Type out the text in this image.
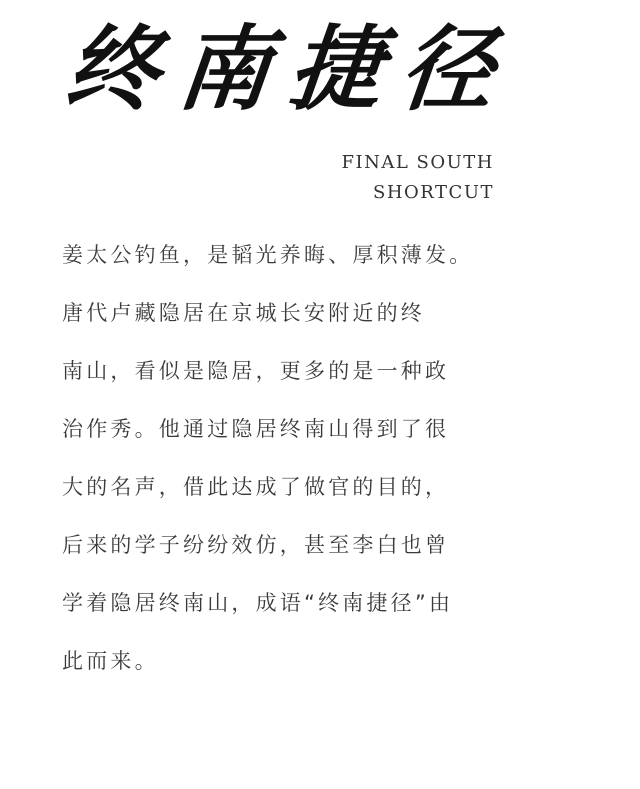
终 南 捷 径
FINAL SOUTH
SHORTCUT
姜太公钓鱼，是韬光养晦、厚积薄发。
唐代卢藏隐居在京城长安附近的终
南山，看似是隐居，更多的是一种政
治作秀。他通过隐居终南山得到了很
大的名声，借此达成了做官的目的，
后来的学子纷纷效仿，甚至李白也曾
学着隐居终南山，成语“终南捷径”由
此而来。
